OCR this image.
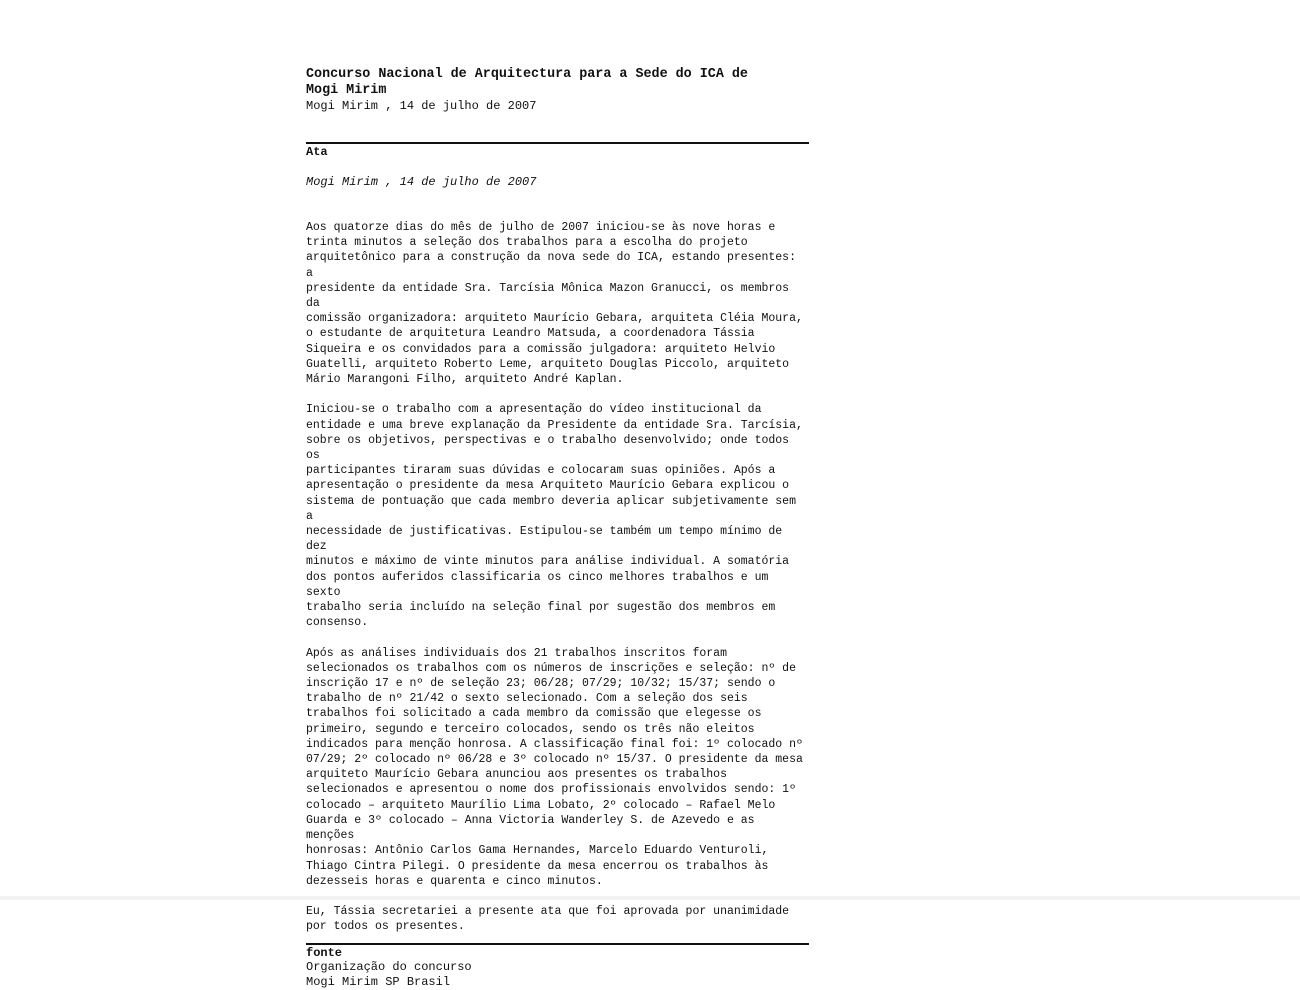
Concurso Nacional de Arquitectura para a Sede do ICA de
Mogi Mirim
Mogi Mirim , 14 de julho de 2007
Ata
Mogi Mirim , 14 de julho de 2007

Aos quatorze dias do mês de julho de 2007 iniciou-se às nove horas e
trinta minutos a seleção dos trabalhos para a escolha do projeto
arquitetônico para a construção da nova sede do ICA, estando presentes: a
presidente da entidade Sra. Tarcísia Mônica Mazon Granucci, os membros da
comissão organizadora: arquiteto Maurício Gebara, arquiteta Cléia Moura,
o estudante de arquitetura Leandro Matsuda, a coordenadora Tássia
Siqueira e os convidados para a comissão julgadora: arquiteto Helvio
Guatelli, arquiteto Roberto Leme, arquiteto Douglas Piccolo, arquiteto
Mário Marangoni Filho, arquiteto André Kaplan.

Iniciou-se o trabalho com a apresentação do vídeo institucional da
entidade e uma breve explanação da Presidente da entidade Sra. Tarcísia,
sobre os objetivos, perspectivas e o trabalho desenvolvido; onde todos os
participantes tiraram suas dúvidas e colocaram suas opiniões. Após a
apresentação o presidente da mesa Arquiteto Maurício Gebara explicou o
sistema de pontuação que cada membro deveria aplicar subjetivamente sem a
necessidade de justificativas. Estipulou-se também um tempo mínimo de dez
minutos e máximo de vinte minutos para análise individual. A somatória
dos pontos auferidos classificaria os cinco melhores trabalhos e um sexto
trabalho seria incluído na seleção final por sugestão dos membros em
consenso.

Após as análises individuais dos 21 trabalhos inscritos foram
selecionados os trabalhos com os números de inscrições e seleção: nº de
inscrição 17 e nº de seleção 23; 06/28; 07/29; 10/32; 15/37; sendo o
trabalho de nº 21/42 o sexto selecionado. Com a seleção dos seis
trabalhos foi solicitado a cada membro da comissão que elegesse os
primeiro, segundo e terceiro colocados, sendo os três não eleitos
indicados para menção honrosa. A classificação final foi: 1º colocado nº
07/29; 2º colocado nº 06/28 e 3º colocado nº 15/37. O presidente da mesa
arquiteto Maurício Gebara anunciou aos presentes os trabalhos
selecionados e apresentou o nome dos profissionais envolvidos sendo: 1º
colocado – arquiteto Maurílio Lima Lobato, 2º colocado – Rafael Melo
Guarda e 3º colocado – Anna Victoria Wanderley S. de Azevedo e as menções
honrosas: Antônio Carlos Gama Hernandes, Marcelo Eduardo Venturoli,
Thiago Cintra Pilegi. O presidente da mesa encerrou os trabalhos às
dezesseis horas e quarenta e cinco minutos.

Eu, Tássia secretariei a presente ata que foi aprovada por unanimidade
por todos os presentes.

fonte
Organização do concurso
Mogi Mirim SP Brasil
